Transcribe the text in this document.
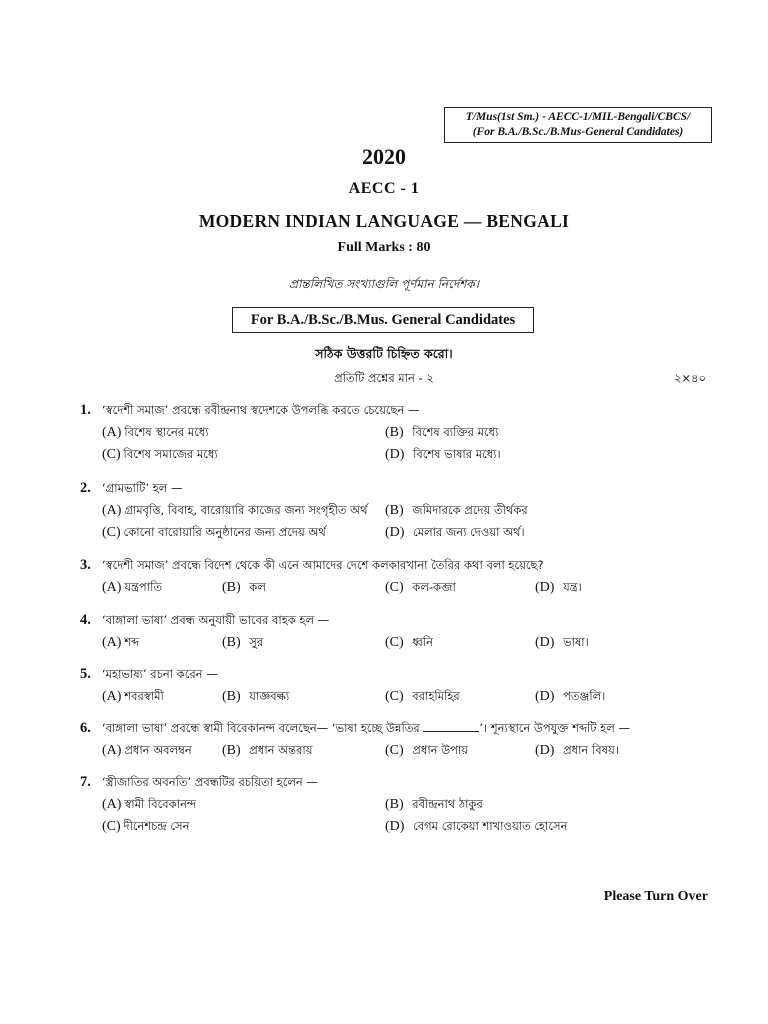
T/Mus(1st Sm.) - AECC-1/MIL-Bengali/CBCS/
(For B.A./B.Sc./B.Mus-General Candidates)
2020
AECC - 1
MODERN INDIAN LANGUAGE — BENGALI
Full Marks : 80
প্রান্তলিখিত সংখ্যাগুলি পূর্ণমান নির্দেশক।
For B.A./B.Sc./B.Mus. General Candidates
সঠিক উত্তরটি চিহ্নিত করো।
প্রতিটি প্রশ্নের মান - ২	২×৪০
1. ‘স্বদেশী সমাজ’ প্রবন্ধে রবীন্দ্রনাথ স্বদেশকে উপলব্ধি করতে চেয়েছেন —
(A) বিশেষ স্থানের মধ্যে	(B) বিশেষ ব্যক্তির মধ্যে
(C) বিশেষ সমাজের মধ্যে	(D) বিশেষ ভাষার মধ্যে।
2. ‘গ্রামভাটি’ হল —
(A) গ্রামবৃত্তি, বিবাহ, বারোয়ারি কাজের জন্য সংগৃহীত অর্থ (B) জমিদারকে প্রদেয় তীর্থকর
(C) কোনো বারোয়ারি অনুষ্ঠানের জন্য প্রদেয় অর্থ	(D) মেলার জন্য দেওয়া অর্থ।
3. ‘স্বদেশী সমাজ’ প্রবন্ধে বিদেশ থেকে কী এনে আমাদের দেশে কলকারখানা তৈরির কথা বলা হয়েছে?
(A) যন্ত্রপাতি	(B) কল	(C) কল-কব্জা	(D) যন্ত্র।
4. ‘বাঙ্গালা ভাষা’ প্রবন্ধ অনুযায়ী ভাবের বাহক হল —
(A) শব্দ	(B) সুর	(C) ধ্বনি	(D) ভাষা।
5. ‘মহাভাষ্য’ রচনা করেন —
(A) শবরস্বামী	(B) যাজ্ঞবল্ক্য	(C) বরাহমিহির	(D) পতঞ্জলি।
6. ‘বাঙ্গালা ভাষা’ প্রবন্ধে স্বামী বিবেকানন্দ বলেছেন— ‘ভাষা হচ্ছে উন্নতির	’। শূন্যস্থানে উপযুক্ত শব্দটি হল —
(A) প্রধান অবলম্বন (B) প্রধান অন্তরায়	(C) প্রধান উপায়	(D) প্রধান বিষয়।
7. ‘স্ত্রীজাতির অবনতি’ প্রবন্ধটির রচয়িতা হলেন —
(A) স্বামী বিবেকানন্দ	(B) রবীন্দ্রনাথ ঠাকুর
(C) দীনেশচন্দ্র সেন	(D) বেগম রোকেয়া শাখাওয়াত হোসেন
Please Turn Over
